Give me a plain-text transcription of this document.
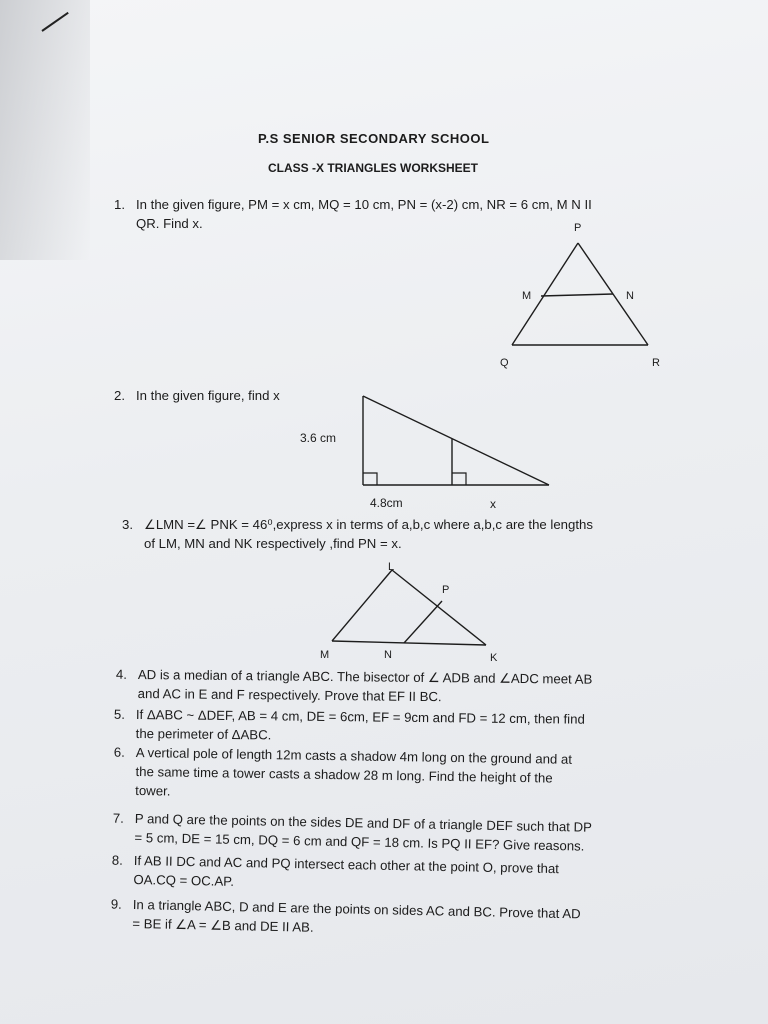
P.S SENIOR SECONDARY SCHOOL
CLASS -X TRIANGLES WORKSHEET
1. In the given figure, PM = x cm, MQ = 10 cm, PN = (x-2) cm, NR = 6 cm, M N II
QR. Find x.	P
M	N
Q	R
2. In the given figure, find x
3.6 cm
4.8cm	x
3. ∠LMN =∠ PNK = 46⁰,express x in terms of a,b,c where a,b,c are the lengths
of LM, MN and NK respectively ,find PN = x.
L
P
M	N	K
4. AD is a median of a triangle ABC. The bisector of ∠ ADB and ∠ADC meet AB
and AC in E and F respectively. Prove that EF II BC.
5. If ΔABC ~ ΔDEF, AB = 4 cm, DE = 6cm, EF = 9cm and FD = 12 cm, then find
the perimeter of ΔABC.
6. A vertical pole of length 12m casts a shadow 4m long on the ground and at
the same time a tower casts a shadow 28 m long. Find the height of the
tower.
7. P and Q are the points on the sides DE and DF of a triangle DEF such that DP
= 5 cm, DE = 15 cm, DQ = 6 cm and QF = 18 cm. Is PQ II EF? Give reasons.
8. If AB II DC and AC and PQ intersect each other at the point O, prove that
OA.CQ = OC.AP.
9. In a triangle ABC, D and E are the points on sides AC and BC. Prove that AD
= BE if ∠A = ∠B and DE II AB.
